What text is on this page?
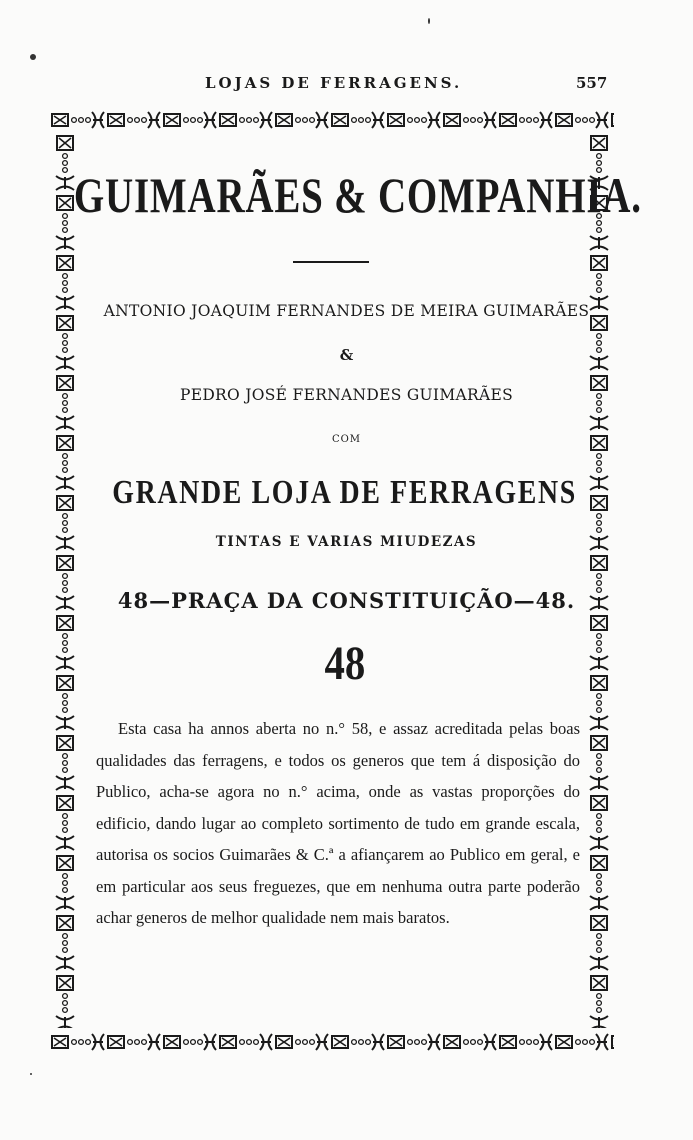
LOJAS DE FERRAGENS.	557
GUIMARÃES & COMPANHIA.
ANTONIO JOAQUIM FERNANDES DE MEIRA GUIMARÃES
&
PEDRO JOSÉ FERNANDES GUIMARÃES
COM
GRANDE LOJA DE FERRAGENS
TINTAS E VARIAS MIUDEZAS
48—PRAÇA DA CONSTITUIÇÃO—48.
48
Esta casa ha annos aberta no n.° 58, e assaz acreditada pelas boas qualidades das ferragens, e todos os generos que tem á disposição do Publico, acha-se agora no n.° acima, onde as vastas proporções do edificio, dando lugar ao completo sortimento de tudo em grande escala, autorisa os socios Guimarães & C.ª a afiançarem ao Publico em geral, e em particular aos seus freguezes, que em nenhuma outra parte poderão achar generos de melhor qualidade nem mais baratos.
